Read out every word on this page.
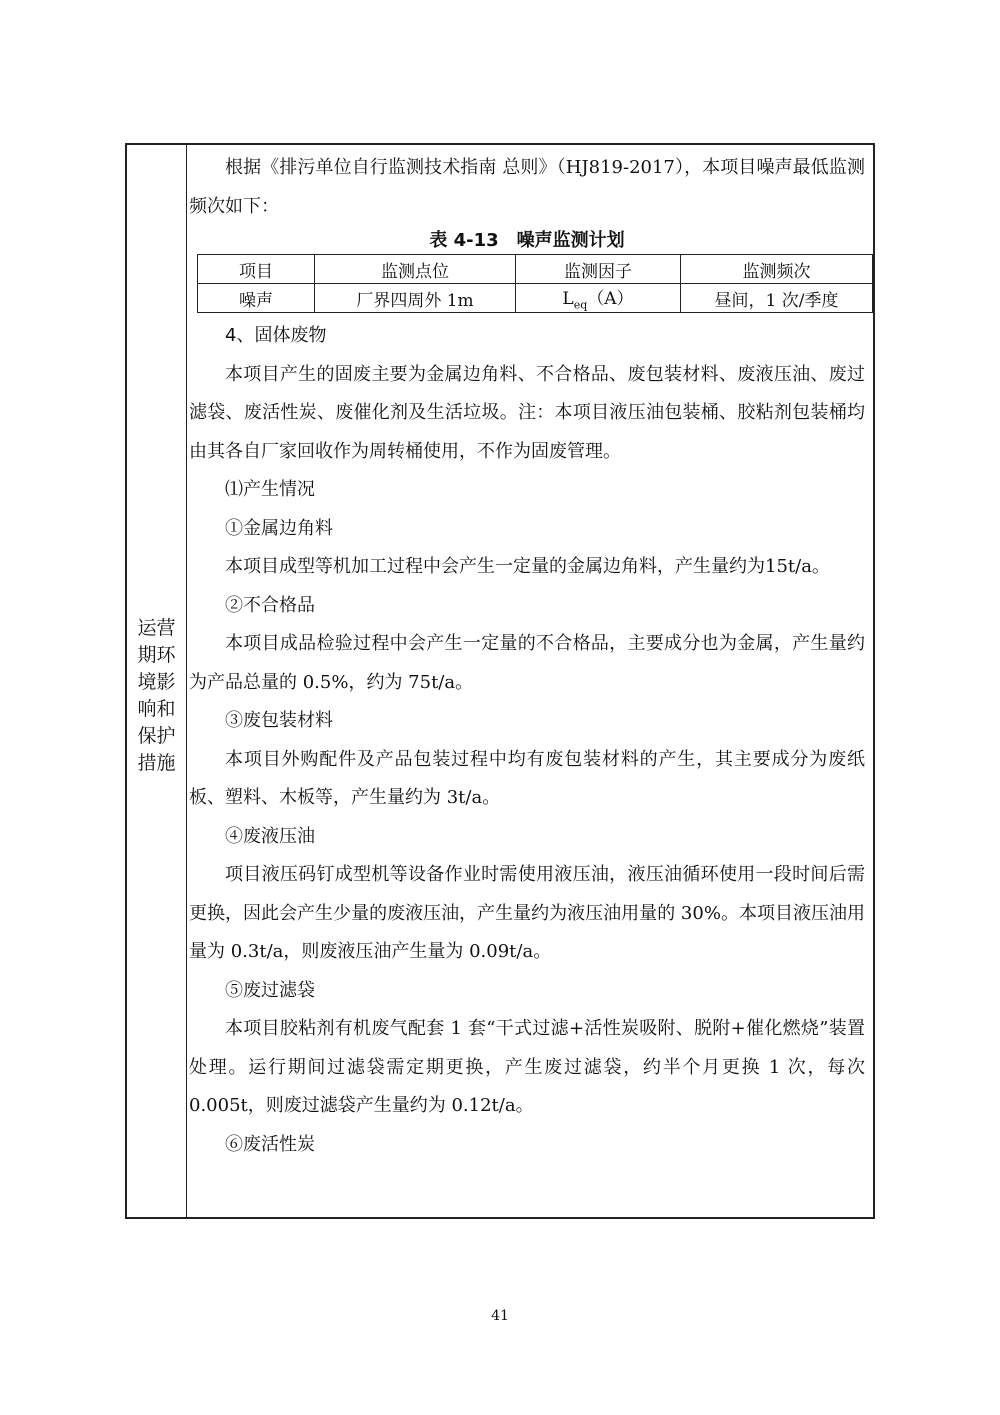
运营期环境影响和保护措施

根据《排污单位自行监测技术指南 总则》（HJ819-2017），本项目噪声最低监测频次如下：

表 4-13　噪声监测计划
项目	监测点位	监测因子	监测频次
噪声	厂界四周外 1m	$L_{eq}(A)$	昼间，1 次/季度

4、固体废物

本项目产生的固废主要为金属边角料、不合格品、废包装材料、废液压油、废过滤袋、废活性炭、废催化剂及生活垃圾。注：本项目液压油包装桶、胶粘剂包装桶均由其各自厂家回收作为周转桶使用，不作为固废管理。

⑴产生情况

①金属边角料

本项目成型等机加工过程中会产生一定量的金属边角料，产生量约为15t/a。

②不合格品

本项目成品检验过程中会产生一定量的不合格品，主要成分也为金属，产生量约为产品总量的 0.5%，约为 75t/a。

③废包装材料

本项目外购配件及产品包装过程中均有废包装材料的产生，其主要成分为废纸板、塑料、木板等，产生量约为 3t/a。

④废液压油

项目液压码钉成型机等设备作业时需使用液压油，液压油循环使用一段时间后需更换，因此会产生少量的废液压油，产生量约为液压油用量的 30%。本项目液压油用量为 0.3t/a，则废液压油产生量为 0.09t/a。

⑤废过滤袋

本项目胶粘剂有机废气配套 1 套“干式过滤+活性炭吸附、脱附+催化燃烧”装置处理。运行期间过滤袋需定期更换，产生废过滤袋，约半个月更换 1 次，每次 0.005t，则废过滤袋产生量约为 0.12t/a。

⑥废活性炭

41
